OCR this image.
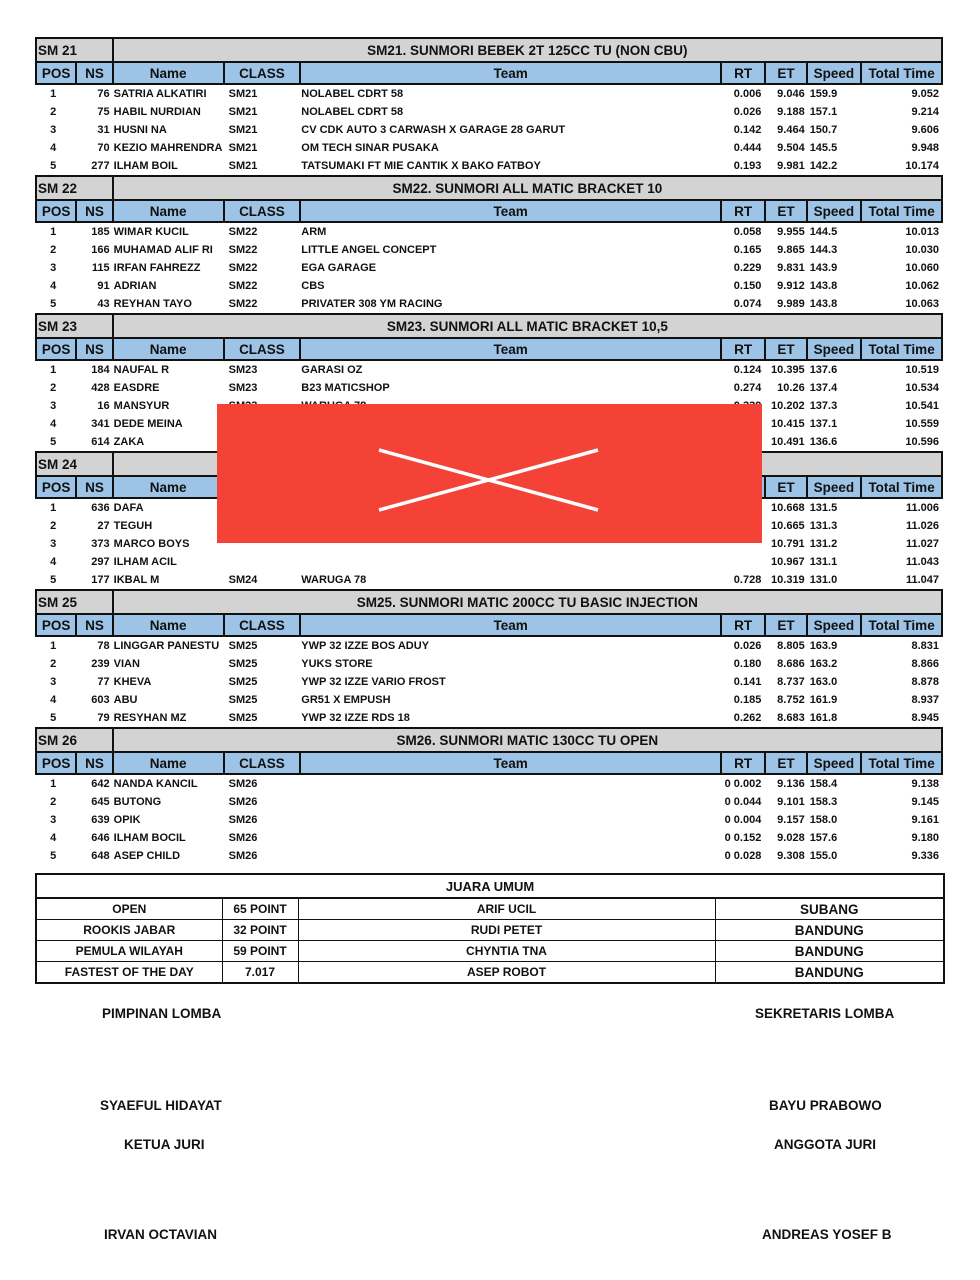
SM 21		SM21. SUNMORI BEBEK 2T 125CC TU (NON CBU)						
POS	NS	Name	CLASS	Team	RT	ET	Speed	Total Time
1	76	SATRIA ALKATIRI	SM21	NOLABEL CDRT 58	0.006	9.046	159.9	9.052
2	75	HABIL NURDIAN	SM21	NOLABEL CDRT 58	0.026	9.188	157.1	9.214
3	31	HUSNI NA	SM21	CV CDK AUTO 3 CARWASH X GARAGE 28 GARUT	0.142	9.464	150.7	9.606
4	70	KEZIO MAHRENDRA	SM21	OM TECH SINAR PUSAKA	0.444	9.504	145.5	9.948
5	277	ILHAM BOIL	SM21	TATSUMAKI FT MIE CANTIK X BAKO FATBOY	0.193	9.981	142.2	10.174
SM 22		SM22. SUNMORI ALL MATIC BRACKET 10						
POS	NS	Name	CLASS	Team	RT	ET	Speed	Total Time
1	185	WIMAR KUCIL	SM22	ARM	0.058	9.955	144.5	10.013
2	166	MUHAMAD ALIF RI	SM22	LITTLE ANGEL CONCEPT	0.165	9.865	144.3	10.030
3	115	IRFAN FAHREZZ	SM22	EGA GARAGE	0.229	9.831	143.9	10.060
4	91	ADRIAN	SM22	CBS	0.150	9.912	143.8	10.062
5	43	REYHAN TAYO	SM22	PRIVATER 308 YM RACING	0.074	9.989	143.8	10.063
SM 23		SM23. SUNMORI ALL MATIC BRACKET 10,5						
POS	NS	Name	CLASS	Team	RT	ET	Speed	Total Time
1	184	NAUFAL R	SM23	GARASI OZ	0.124	10.395	137.6	10.519
2	428	EASDRE	SM23	B23 MATICSHOP	0.274	10.26	137.4	10.534
3	16	MANSYUR				10.202	137.3	10.541
4	341	DEDE MEINA				10.415	137.1	10.559
5	614	ZAKA				10.491	136.6	10.596
SM 24								
POS	NS	Name				ET	Speed	Total Time
1	636	DAFA				10.668	131.5	11.006
2	27	TEGUH				10.665	131.3	11.026
3	373	MARCO BOYS				10.791	131.2	11.027
4	297	ILHAM ACIL				10.967	131.1	11.043
5	177	IKBAL M	SM24	WARUGA 78	0.728	10.319	131.0	11.047
SM 25		SM25. SUNMORI MATIC 200CC TU BASIC INJECTION						
POS	NS	Name	CLASS	Team	RT	ET	Speed	Total Time
1	78	LINGGAR PANESTU	SM25	YWP 32 IZZE BOS ADUY	0.026	8.805	163.9	8.831
2	239	VIAN	SM25	YUKS STORE	0.180	8.686	163.2	8.866
3	77	KHEVA	SM25	YWP 32 IZZE VARIO FROST	0.141	8.737	163.0	8.878
4	603	ABU	SM25	GR51 X EMPUSH	0.185	8.752	161.9	8.937
5	79	RESYHAN MZ	SM25	YWP 32 IZZE RDS 18	0.262	8.683	161.8	8.945
SM 26		SM26. SUNMORI MATIC 130CC TU OPEN						
POS	NS	Name	CLASS	Team	RT	ET	Speed	Total Time
1	642	NANDA KANCIL	SM26		0 0.002	9.136	158.4	9.138
2	645	BUTONG	SM26		0 0.044	9.101	158.3	9.145
3	639	OPIK	SM26		0 0.004	9.157	158.0	9.161
4	646	ILHAM BOCIL	SM26		0 0.152	9.028	157.6	9.180
5	648	ASEP CHILD	SM26		0 0.028	9.308	155.0	9.336
JUARA UMUM			
OPEN	65 POINT	ARIF UCIL	SUBANG
ROOKIS JABAR	32 POINT	RUDI PETET	BANDUNG
PEMULA WILAYAH	59 POINT	CHYNTIA TNA	BANDUNG
FASTEST OF THE DAY	7.017	ASEP ROBOT	BANDUNG
PIMPINAN LOMBA	SEKRETARIS LOMBA
SYAEFUL HIDAYAT	BAYU PRABOWO
KETUA JURI	ANGGOTA JURI
IRVAN OCTAVIAN	ANDREAS YOSEF B
